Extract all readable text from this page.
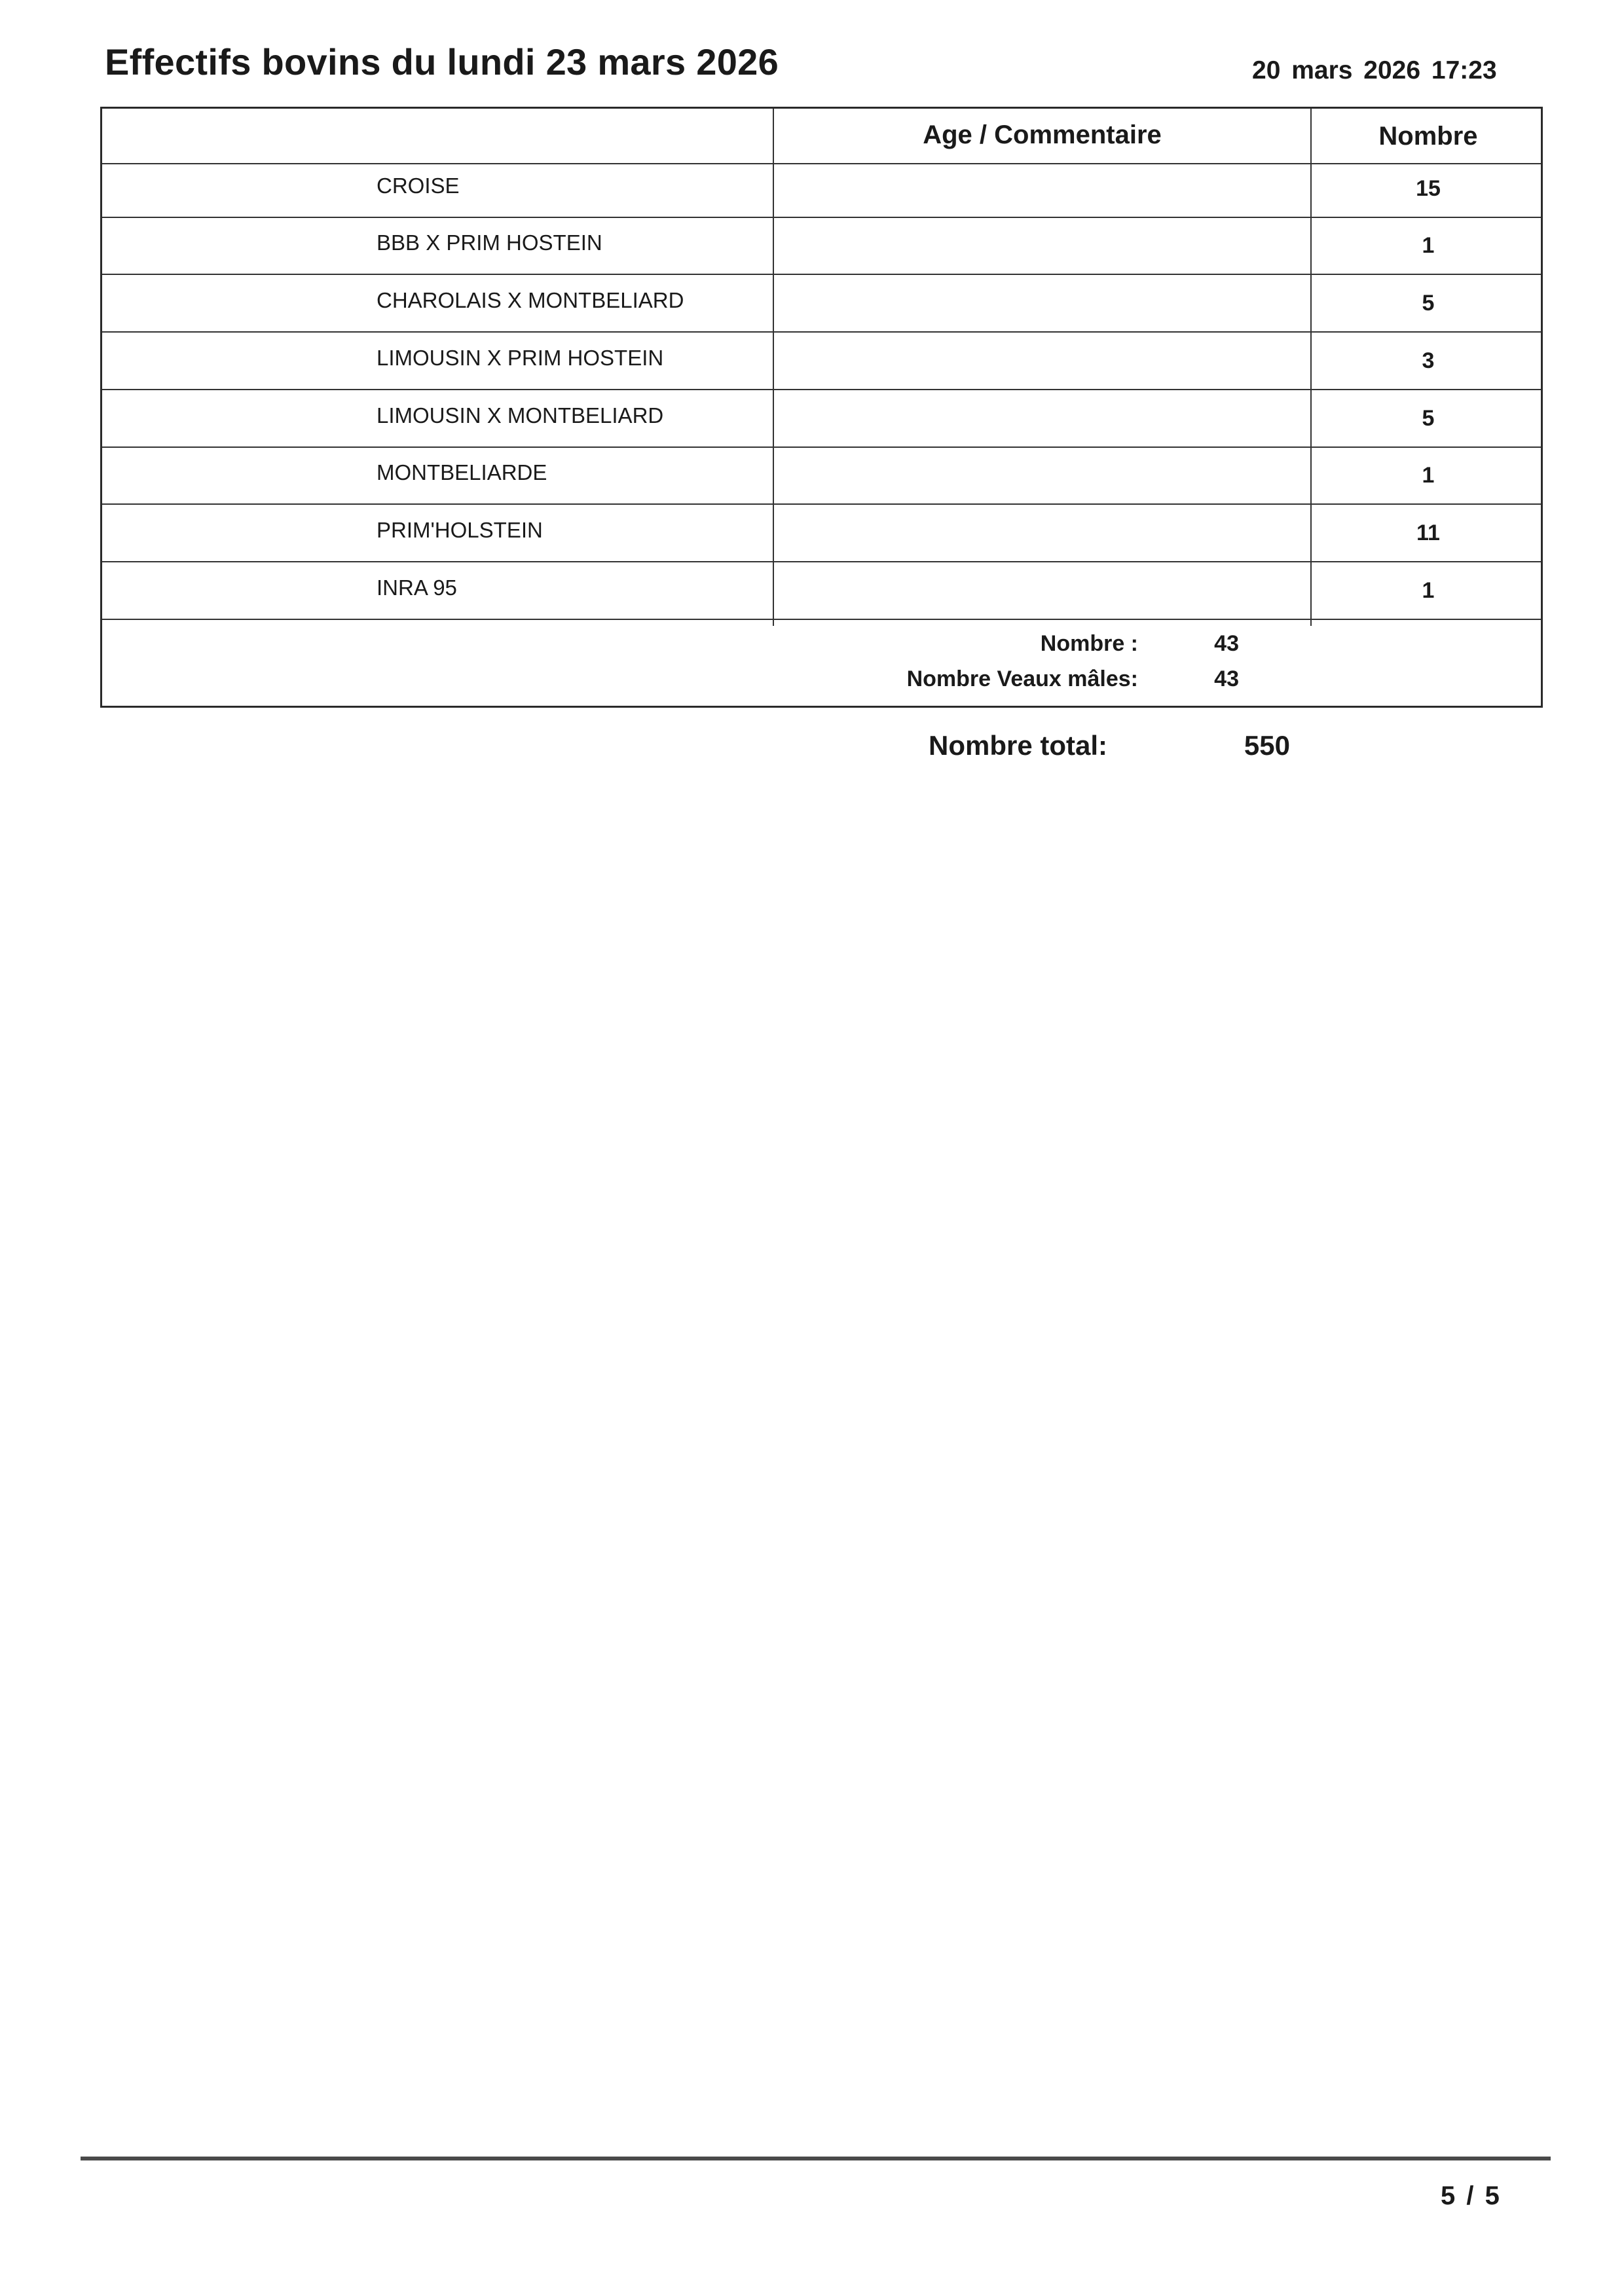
Effectifs bovins du lundi 23 mars 2026	20 mars 2026 17:23
Age / Commentaire	Nombre
CROISE	15
BBB X PRIM HOSTEIN	1
CHAROLAIS X MONTBELIARD	5
LIMOUSIN X PRIM HOSTEIN	3
LIMOUSIN X MONTBELIARD	5
MONTBELIARDE	1
PRIM'HOLSTEIN	11
INRA 95	1
Nombre :	43
Nombre Veaux mâles:	43
Nombre total:	550
5 / 5
